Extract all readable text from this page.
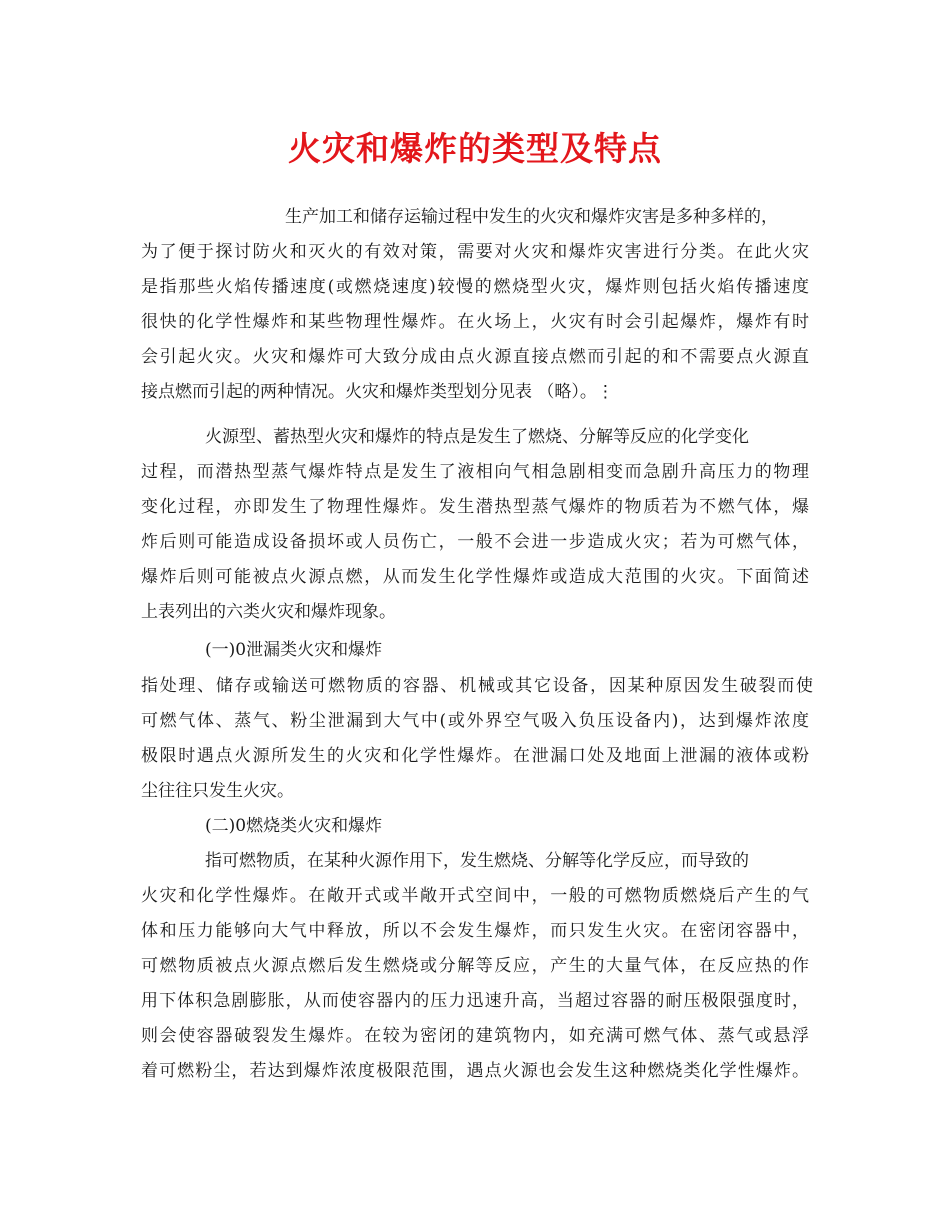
火灾和爆炸的类型及特点
生产加工和储存运输过程中发生的火灾和爆炸灾害是多种多样的，
为了便于探讨防火和灭火的有效对策，需要对火灾和爆炸灾害进行分类。在此火灾
是指那些火焰传播速度(或燃烧速度)较慢的燃烧型火灾，爆炸则包括火焰传播速度
很快的化学性爆炸和某些物理性爆炸。在火场上，火灾有时会引起爆炸，爆炸有时
会引起火灾。火灾和爆炸可大致分成由点火源直接点燃而引起的和不需要点火源直
接点燃而引起的两种情况。火灾和爆炸类型划分见表 （略）。⋮
火源型、蓄热型火灾和爆炸的特点是发生了燃烧、分解等反应的化学变化
过程，而潜热型蒸气爆炸特点是发生了液相向气相急剧相变而急剧升高压力的物理
变化过程，亦即发生了物理性爆炸。发生潜热型蒸气爆炸的物质若为不燃气体，爆
炸后则可能造成设备损坏或人员伤亡，一般不会进一步造成火灾；若为可燃气体，
爆炸后则可能被点火源点燃，从而发生化学性爆炸或造成大范围的火灾。下面简述
上表列出的六类火灾和爆炸现象。
(一)0泄漏类火灾和爆炸
指处理、储存或输送可燃物质的容器、机械或其它设备，因某种原因发生破裂而使
可燃气体、蒸气、粉尘泄漏到大气中(或外界空气吸入负压设备内)，达到爆炸浓度
极限时遇点火源所发生的火灾和化学性爆炸。在泄漏口处及地面上泄漏的液体或粉
尘往往只发生火灾。
(二)0燃烧类火灾和爆炸
指可燃物质，在某种火源作用下，发生燃烧、分解等化学反应，而导致的
火灾和化学性爆炸。在敞开式或半敞开式空间中，一般的可燃物质燃烧后产生的气
体和压力能够向大气中释放，所以不会发生爆炸，而只发生火灾。在密闭容器中，
可燃物质被点火源点燃后发生燃烧或分解等反应，产生的大量气体，在反应热的作
用下体积急剧膨胀，从而使容器内的压力迅速升高，当超过容器的耐压极限强度时，
则会使容器破裂发生爆炸。在较为密闭的建筑物内，如充满可燃气体、蒸气或悬浮
着可燃粉尘，若达到爆炸浓度极限范围，遇点火源也会发生这种燃烧类化学性爆炸。
